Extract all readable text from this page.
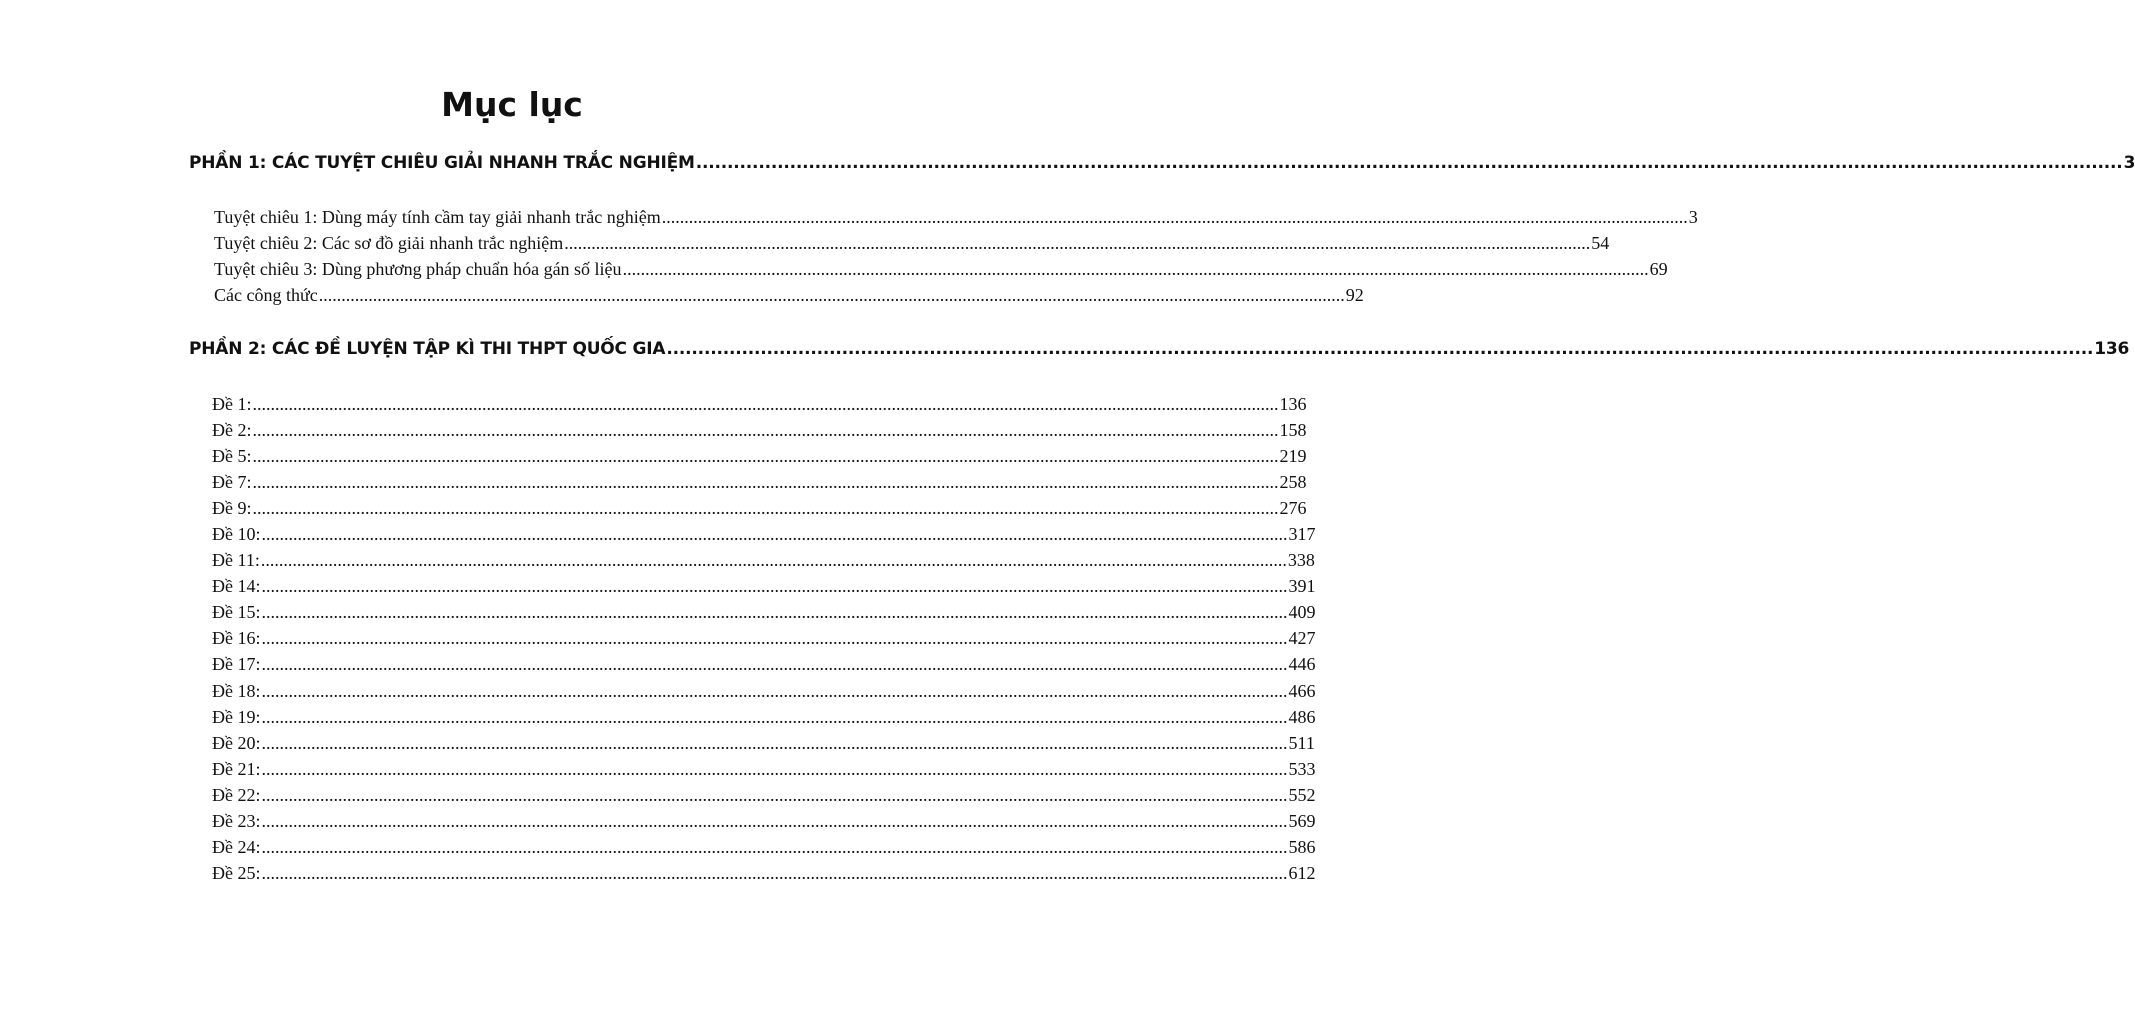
Mục lục
PHẦN 1: CÁC TUYỆT CHIÊU GIẢI NHANH TRẮC NGHIỆM .................................................................................................................................................................................................................................... 3
Tuyệt chiêu 1: Dùng máy tính cầm tay giải nhanh trắc nghiệm .................................................................................................................................................................................................................................... 3
Tuyệt chiêu 2: Các sơ đồ giải nhanh trắc nghiệm .................................................................................................................................................................................................................................... 54
Tuyệt chiêu 3: Dùng phương pháp chuẩn hóa gán số liệu .................................................................................................................................................................................................................................... 69
Các công thức .................................................................................................................................................................................................................................... 92
PHẦN 2: CÁC ĐỀ LUYỆN TẬP KÌ THI THPT QUỐC GIA .................................................................................................................................................................................................................................... 136
Đề 1: .................................................................................................................................................................................................................................... 136
Đề 2: .................................................................................................................................................................................................................................... 158
Đề 5: .................................................................................................................................................................................................................................... 219
Đề 7: .................................................................................................................................................................................................................................... 258
Đề 9: .................................................................................................................................................................................................................................... 276
Đề 10: .................................................................................................................................................................................................................................... 317
Đề 11: .................................................................................................................................................................................................................................... 338
Đề 14: .................................................................................................................................................................................................................................... 391
Đề 15: .................................................................................................................................................................................................................................... 409
Đề 16: .................................................................................................................................................................................................................................... 427
Đề 17: .................................................................................................................................................................................................................................... 446
Đề 18: .................................................................................................................................................................................................................................... 466
Đề 19: .................................................................................................................................................................................................................................... 486
Đề 20: .................................................................................................................................................................................................................................... 511
Đề 21: .................................................................................................................................................................................................................................... 533
Đề 22: .................................................................................................................................................................................................................................... 552
Đề 23: .................................................................................................................................................................................................................................... 569
Đề 24: .................................................................................................................................................................................................................................... 586
Đề 25: .................................................................................................................................................................................................................................... 612
